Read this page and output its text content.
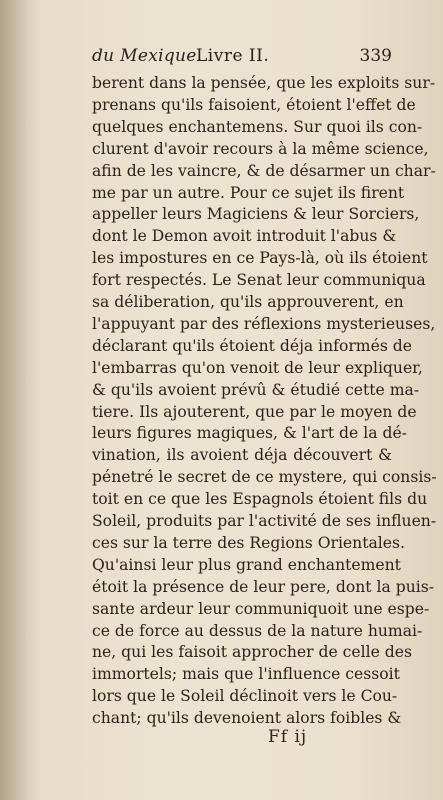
du Mexique.
Livre II.	339
berent dans la pensée, que les exploits sur-
prenans qu'ils faisoient, étoient l'effet de
quelques enchantemens. Sur quoi ils con-
clurent d'avoir recours à la même science,
afin de les vaincre, & de désarmer un char-
me par un autre. Pour ce sujet ils firent
appeller leurs Magiciens & leur Sorciers,
dont le Demon avoit introduit l'abus &
les impostures en ce Pays-là, où ils étoient
fort respectés. Le Senat leur communiqua
sa déliberation, qu'ils approuverent, en
l'appuyant par des réflexions mysterieuses,
déclarant qu'ils étoient déja informés de
l'embarras qu'on venoit de leur expliquer,
& qu'ils avoient prévû & étudié cette ma-
tiere. Ils ajouterent, que par le moyen de
leurs figures magiques, & l'art de la dé-
vination, ils avoient déja découvert &
pénetré le secret de ce mystere, qui consis-
toit en ce que les Espagnols étoient fils du
Soleil, produits par l'activité de ses influen-
ces sur la terre des Regions Orientales.
Qu'ainsi leur plus grand enchantement
étoit la présence de leur pere, dont la puis-
sante ardeur leur communiquoit une espe-
ce de force au dessus de la nature humai-
ne, qui les faisoit approcher de celle des
immortels; mais que l'influence cessoit
lors que le Soleil déclinoit vers le Cou-
chant; qu'ils devenoient alors foibles &
Ff ij
